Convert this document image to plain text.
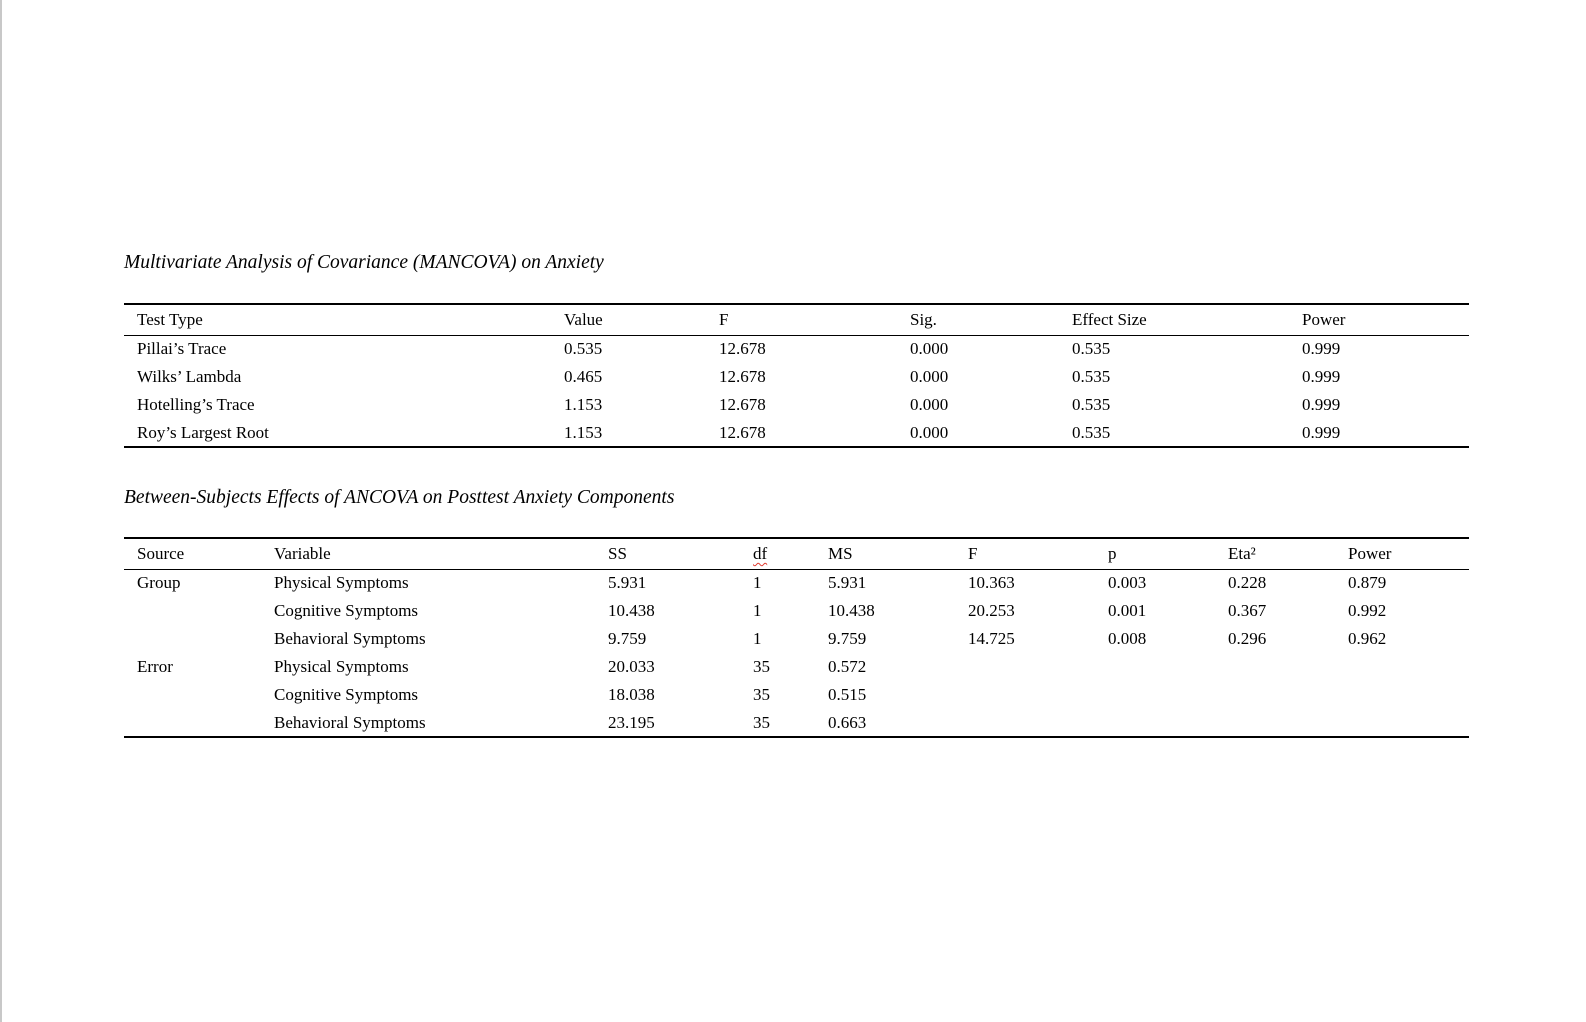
Multivariate Analysis of Covariance (MANCOVA) on Anxiety
Test Type	Value	F	Sig.	Effect Size	Power
Pillai’s Trace	0.535	12.678	0.000	0.535	0.999
Wilks’ Lambda	0.465	12.678	0.000	0.535	0.999
Hotelling’s Trace	1.153	12.678	0.000	0.535	0.999
Roy’s Largest Root	1.153	12.678	0.000	0.535	0.999
Between-Subjects Effects of ANCOVA on Posttest Anxiety Components
Source	Variable	SS	df	MS	F	p	Eta²	Power
Group	Physical Symptoms	5.931	1	5.931	10.363	0.003	0.228	0.879
	Cognitive Symptoms	10.438	1	10.438	20.253	0.001	0.367	0.992
	Behavioral Symptoms	9.759	1	9.759	14.725	0.008	0.296	0.962
Error	Physical Symptoms	20.033	35	0.572				
	Cognitive Symptoms	18.038	35	0.515				
	Behavioral Symptoms	23.195	35	0.663				
